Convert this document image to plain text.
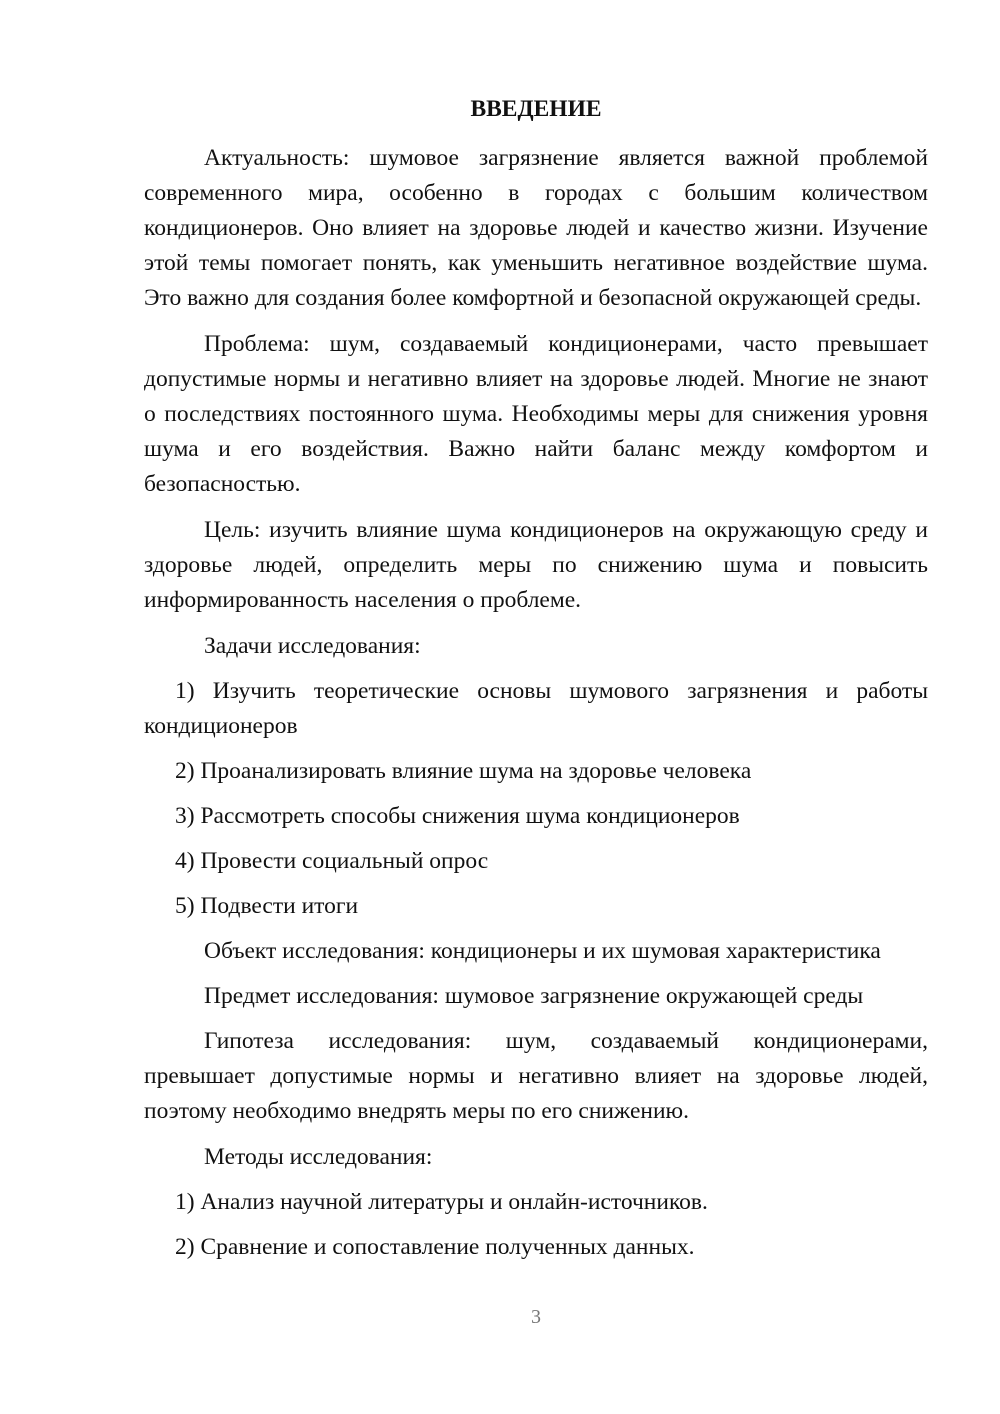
ВВЕДЕНИЕ

Актуальность: шумовое загрязнение является важной проблемой современного мира, особенно в городах с большим количеством кондиционеров. Оно влияет на здоровье людей и качество жизни. Изучение этой темы помогает понять, как уменьшить негативное воздействие шума. Это важно для создания более комфортной и безопасной окружающей среды.

Проблема: шум, создаваемый кондиционерами, часто превышает допустимые нормы и негативно влияет на здоровье людей. Многие не знают о последствиях постоянного шума. Необходимы меры для снижения уровня шума и его воздействия. Важно найти баланс между комфортом и безопасностью.

Цель: изучить влияние шума кондиционеров на окружающую среду и здоровье людей, определить меры по снижению шума и повысить информированность населения о проблеме.

Задачи исследования:

1) Изучить теоретические основы шумового загрязнения и работы кондиционеров

2) Проанализировать влияние шума на здоровье человека

3) Рассмотреть способы снижения шума кондиционеров

4) Провести социальный опрос

5) Подвести итоги

Объект исследования: кондиционеры и их шумовая характеристика

Предмет исследования: шумовое загрязнение окружающей среды

Гипотеза исследования: шум, создаваемый кондиционерами, превышает допустимые нормы и негативно влияет на здоровье людей, поэтому необходимо внедрять меры по его снижению.

Методы исследования:

1) Анализ научной литературы и онлайн-источников.

2) Сравнение и сопоставление полученных данных.

3
